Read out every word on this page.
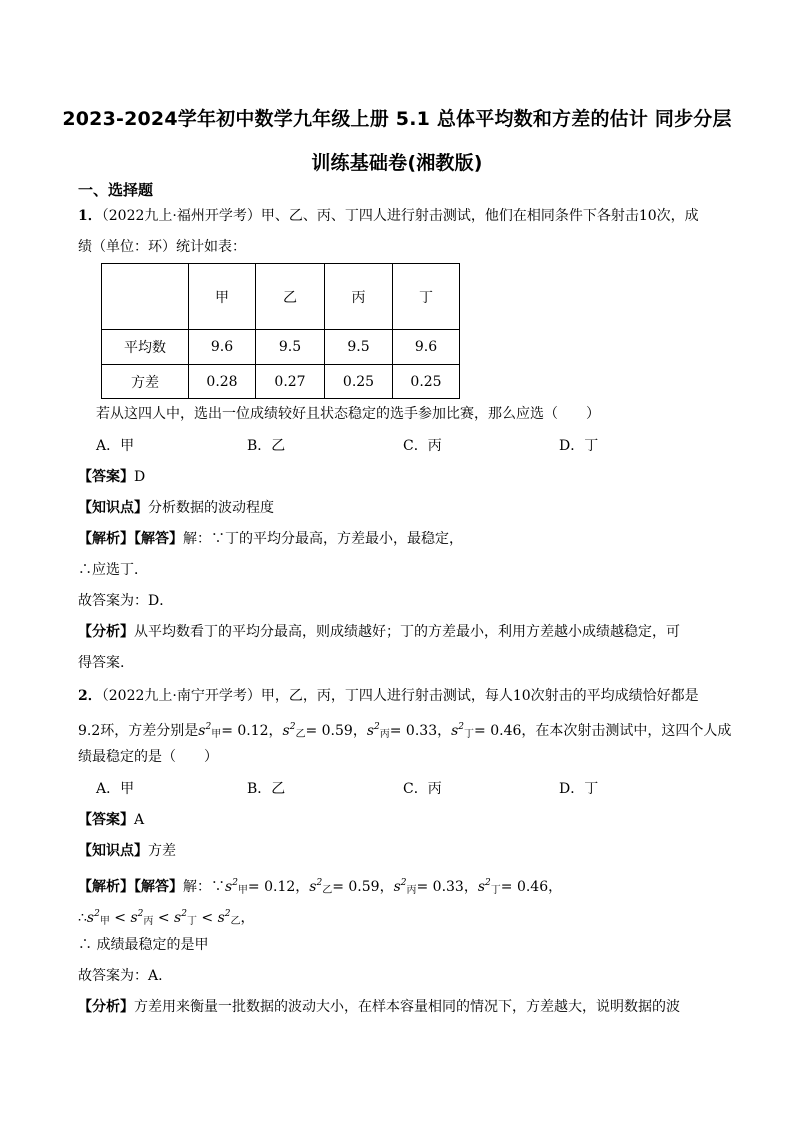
2023-2024学年初中数学九年级上册 5.1 总体平均数和方差的估计 同步分层
训练基础卷(湘教版)
一、选择题
1．（2022九上·福州开学考）甲、乙、丙、丁四人进行射击测试，他们在相同条件下各射击10次，成
绩（单位：环）统计如表：
	甲	乙	丙	丁
平均数	9.6	9.5	9.5	9.6
方差	0.28	0.27	0.25	0.25
若从这四人中，选出一位成绩较好且状态稳定的选手参加比赛，那么应选（　　）
A．甲	B．乙	C．丙	D．丁
【答案】D
【知识点】分析数据的波动程度
【解析】【解答】解：∵丁的平均分最高，方差最小，最稳定，
∴应选丁．
故答案为：D．
【分析】从平均数看丁的平均分最高，则成绩越好；丁的方差最小，利用方差越小成绩越稳定，可
得答案.
2．（2022九上·南宁开学考）甲，乙，丙，丁四人进行射击测试，每人10次射击的平均成绩恰好都是
9.2环，方差分别是$s^2_甲= 0.12$，$s^2_乙= 0.59$，$s^2_丙= 0.33$，$s^2_丁= 0.46$，在本次射击测试中，这四个人成
绩最稳定的是（　　）
A．甲	B．乙	C．丙	D．丁
【答案】A
【知识点】方差
【解析】【解答】解：$\because s^2_甲= 0.12$，$s^2_乙= 0.59$，$s^2_丙= 0.33$，$s^2_丁= 0.46$，
$\therefore s^2_甲 < s^2_丙 < s^2_丁 < s^2_乙$，
∴ 成绩最稳定的是甲
故答案为：A.
【分析】方差用来衡量一批数据的波动大小，在样本容量相同的情况下，方差越大，说明数据的波
